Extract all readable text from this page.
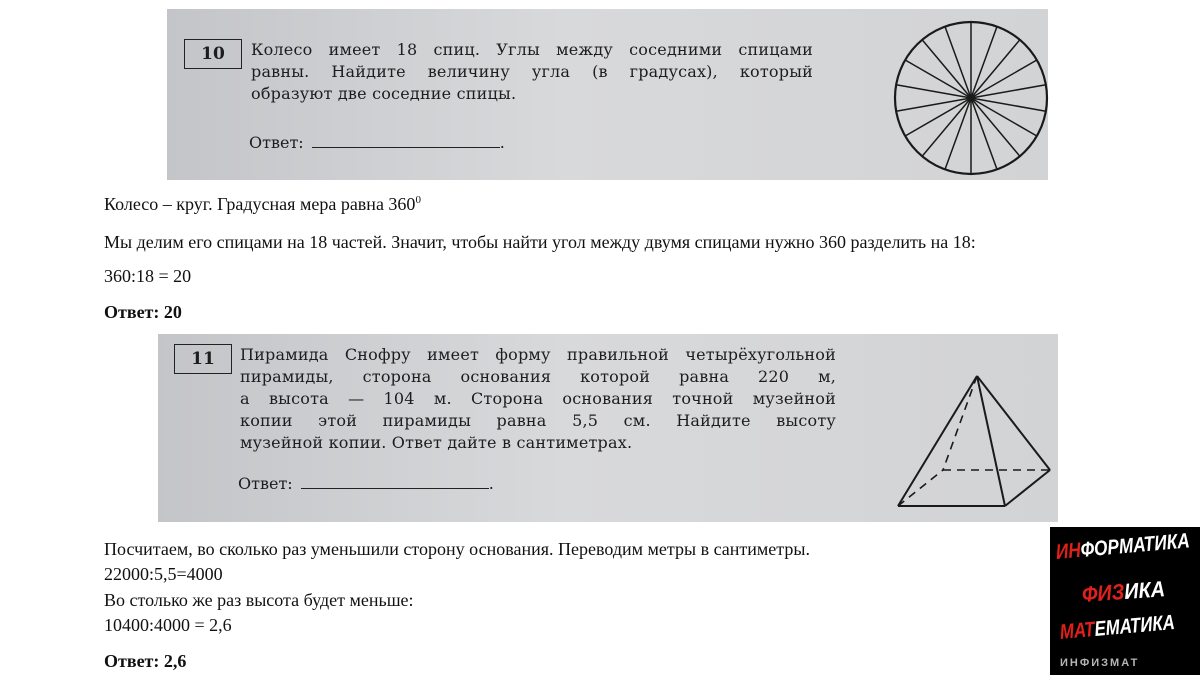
10	Колесо имеет 18 спиц. Углы между соседними спицами
равны. Найдите величину угла (в градусах), который
образуют две соседние спицы.
Ответ:	.
Колесо – круг. Градусная мера равна $360^0$
Мы делим его спицами на 18 частей. Значит, чтобы найти угол между двумя спицами нужно 360 разделить на 18:
360:18 = 20
Ответ: 20
11	Пирамида Снофру имеет форму правильной четырёхугольной
пирамиды, сторона основания которой равна 220 м,
а высота — 104 м. Сторона основания точной музейной
копии этой пирамиды равна 5,5 см. Найдите высоту
музейной копии. Ответ дайте в сантиметрах.
Ответ:	.
Посчитаем, во сколько раз уменьшили сторону основания. Переводим метры в сантиметры.
22000:5,5=4000
Во столько же раз высота будет меньше:
10400:4000 = 2,6
Ответ: 2,6
ИНФОРМАТИКА
ФИЗИКА
МАТЕМАТИКА
ИНФИЗМАТ
